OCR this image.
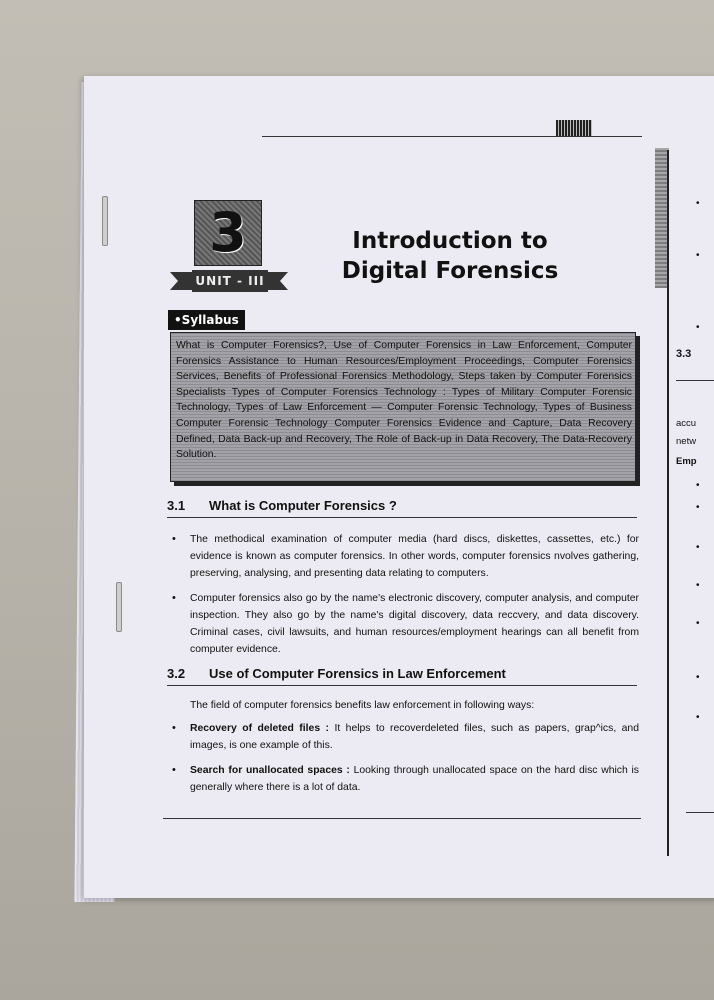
3
UNIT - III
Introduction to
Digital Forensics
•Syllabus
What is Computer Forensics?, Use of Computer Forensics in Law Enforcement, Computer Forensics Assistance to Human Resources/Employment Proceedings, Computer Forensics Services, Benefits of Professional Forensics Methodology, Steps taken by Computer Forensics Specialists Types of Computer Forensics Technology : Types of Military Computer Forensic Technology, Types of Law Enforcement — Computer Forensic Technology, Types of Business Computer Forensic Technology Computer Forensics Evidence and Capture, Data Recovery Defined, Data Back-up and Recovery, The Role of Back-up in Data Recovery, The Data-Recovery Solution.
3.1 What is Computer Forensics ?
• The methodical examination of computer media (hard discs, diskettes, cassettes, etc.) for evidence is known as computer forensics. In other words, computer forensics nvolves gathering, preserving, analysing, and presenting data relating to computers.
• Computer forensics also go by the name's electronic discovery, computer analysis, and computer inspection. They also go by the name's digital discovery, data reccvery, and data discovery. Criminal cases, civil lawsuits, and human resources/employment hearings can all benefit from computer evidence.
3.2 Use of Computer Forensics in Law Enforcement
The field of computer forensics benefits law enforcement in following ways:
• Recovery of deleted files : It helps to recoverdeleted files, such as papers, grap^ics, and images, is one example of this.
• Search for unallocated spaces : Looking through unallocated space on the hard disc which is generally where there is a lot of data.
•
•
•
3.3
accu
netw
Emp
•
•
•
•
•
•
•
